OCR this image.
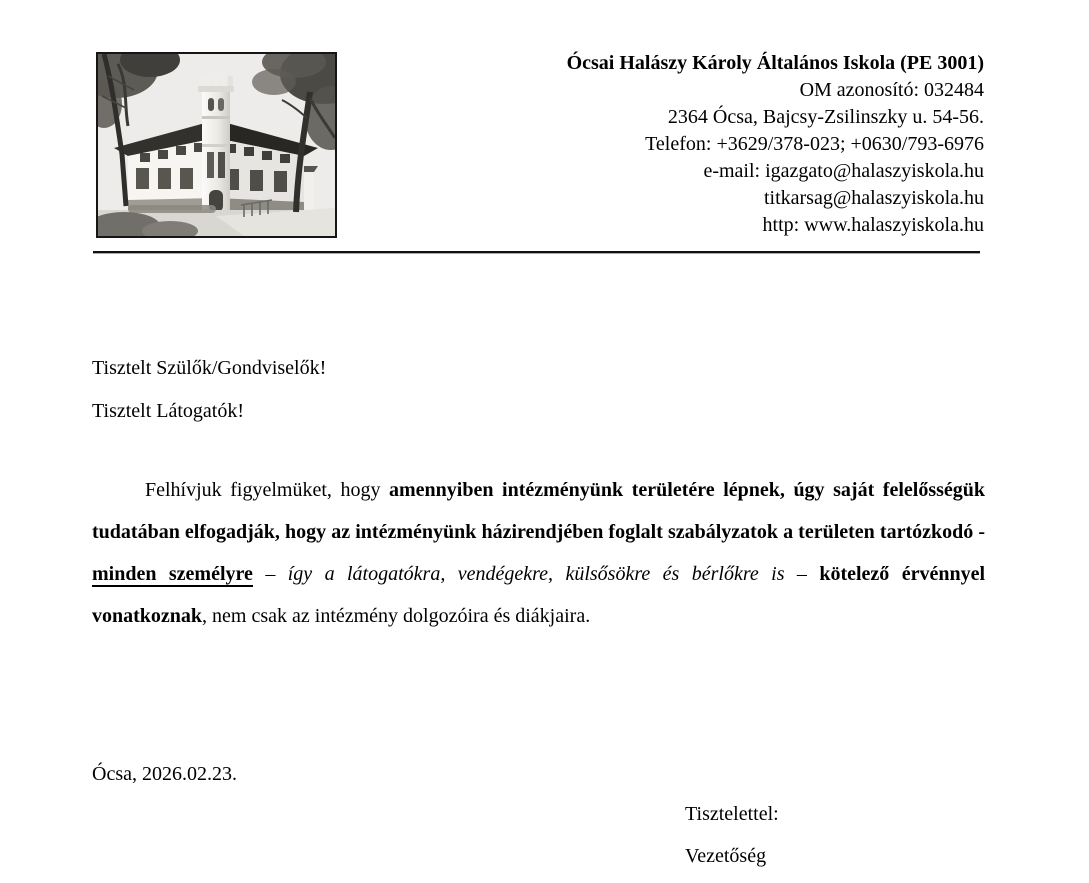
Ócsai Halászy Károly Általános Iskola (PE 3001)
OM azonosító: 032484
2364 Ócsa, Bajcsy-Zsilinszky u. 54-56.
Telefon: +3629/378-023; +0630/793-6976
e-mail: igazgato@halaszyiskola.hu
titkarsag@halaszyiskola.hu
http: www.halaszyiskola.hu
Tisztelt Szülők/Gondviselők!
Tisztelt Látogatók!

Felhívjuk figyelmüket, hogy amennyiben intézményünk területére lépnek, úgy saját felelősségük tudatában elfogadják, hogy az intézményünk házirendjében foglalt szabályzatok a területen tartózkodó - minden személyre – így a látogatókra, vendégekre, külsősökre és bérlőkre is – kötelező érvénnyel vonatkoznak, nem csak az intézmény dolgozóira és diákjaira.

Ócsa, 2026.02.23.
Tisztelettel:
Vezetőség
